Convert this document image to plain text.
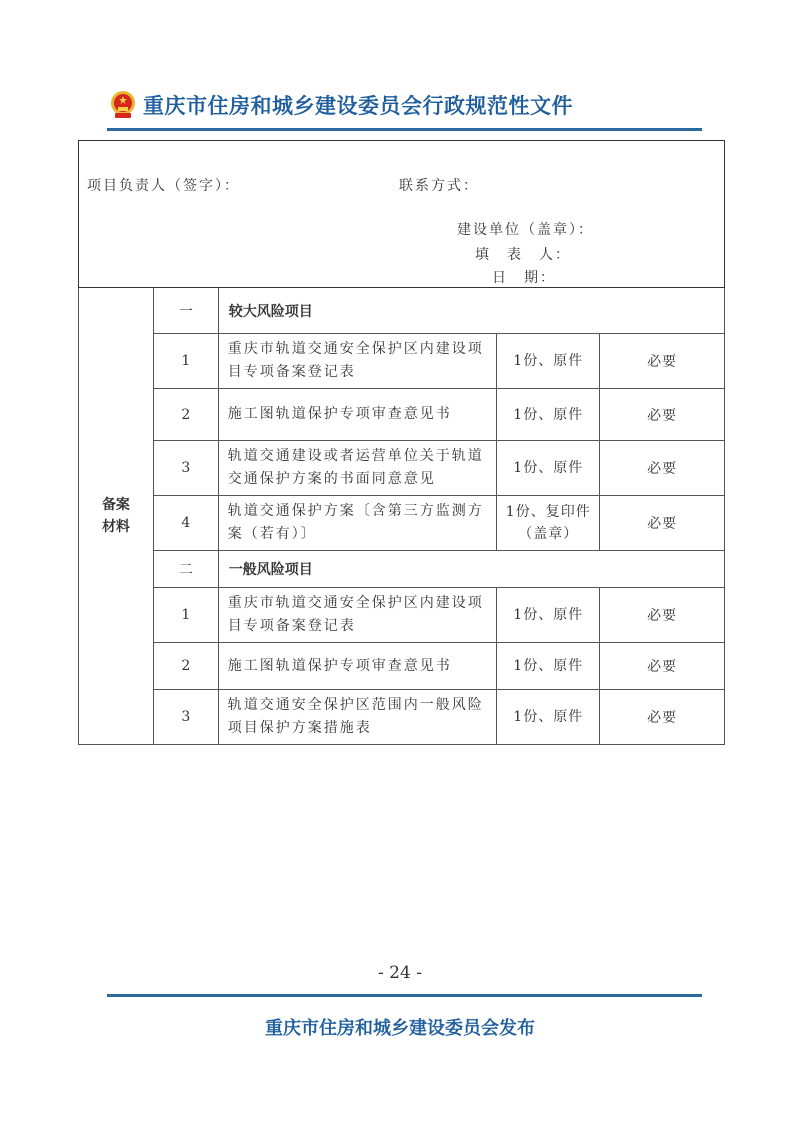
重庆市住房和城乡建设委员会行政规范性文件
项目负责人（签字）： 联系方式：
建设单位（盖章）：
填　表　人：
日　期：				

备案
材料	一	较大风险项目		
	1	重庆市轨道交通安全保护区内建设项目专项备案登记表	1份、原件	必要
	2	施工图轨道保护专项审查意见书	1份、原件	必要
	3	轨道交通建设或者运营单位关于轨道交通保护方案的书面同意意见	1份、原件	必要
	4	轨道交通保护方案〔含第三方监测方案（若有）〕	1份、复印件（盖章）	必要
	二	一般风险项目		
	1	重庆市轨道交通安全保护区内建设项目专项备案登记表	1份、原件	必要
	2	施工图轨道保护专项审查意见书	1份、原件	必要
	3	轨道交通安全保护区范围内一般风险项目保护方案措施表	1份、原件	必要
- 24 -
重庆市住房和城乡建设委员会发布
